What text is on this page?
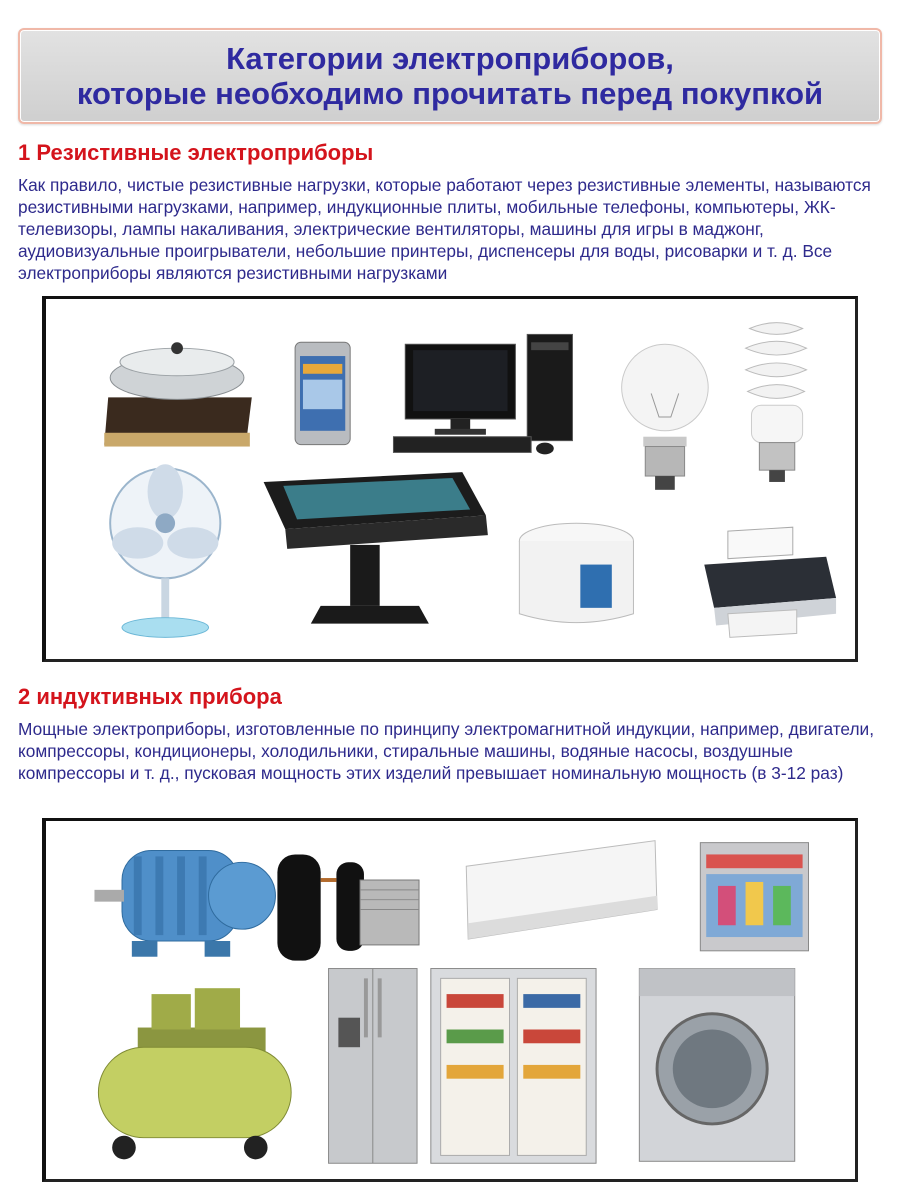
Категории электроприборов,
которые необходимо прочитать перед покупкой
1 Резистивные электроприборы
Как правило, чистые резистивные нагрузки, которые работают через резистивные элементы, называются резистивными нагрузками, например, индукционные плиты, мобильные телефоны, компьютеры, ЖК-телевизоры, лампы накаливания, электрические вентиляторы, машины для игры в маджонг, аудиовизуальные проигрыватели, небольшие принтеры, диспенсеры для воды, рисоварки и т. д. Все электроприборы являются резистивными нагрузками
2 индуктивных прибора
Мощные электроприборы, изготовленные по принципу электромагнитной индукции, например, двигатели, компрессоры, кондиционеры, холодильники, стиральные машины, водяные насосы, воздушные компрессоры и т. д., пусковая мощность этих изделий превышает номинальную мощность (в 3-12 раз)
